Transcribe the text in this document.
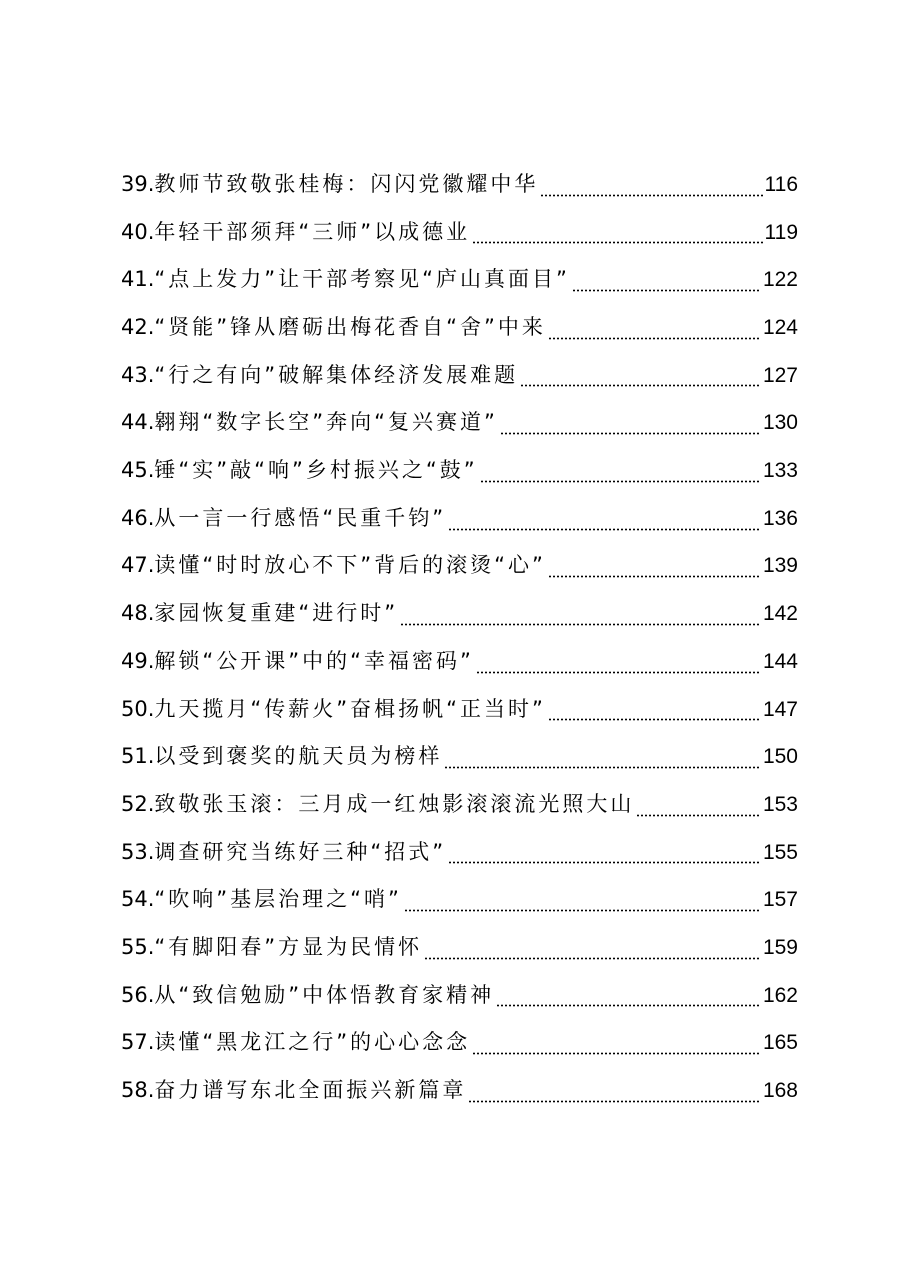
39. 教师节致敬张桂梅：闪闪党徽耀中华	116
40. 年轻干部须拜“三师”以成德业	119
41. “点上发力”让干部考察见“庐山真面目”	122
42. “贤能”锋从磨砺出梅花香自“舍”中来	124
43. “行之有向”破解集体经济发展难题	127
44. 翱翔“数字长空”奔向“复兴赛道”	130
45. 锤“实”敲“响”乡村振兴之“鼓”	133
46. 从一言一行感悟“民重千钧”	136
47. 读懂“时时放心不下”背后的滚烫“心”	139
48. 家园恢复重建“进行时”	142
49. 解锁“公开课”中的“幸福密码”	144
50. 九天揽月“传薪火”奋楫扬帆“正当时”	147
51. 以受到褒奖的航天员为榜样	150
52. 致敬张玉滚：三月成一红烛影滚滚流光照大山	153
53. 调查研究当练好三种“招式”	155
54. “吹响”基层治理之“哨”	157
55. “有脚阳春”方显为民情怀	159
56. 从“致信勉励”中体悟教育家精神	162
57. 读懂“黑龙江之行”的心心念念	165
58. 奋力谱写东北全面振兴新篇章	168
